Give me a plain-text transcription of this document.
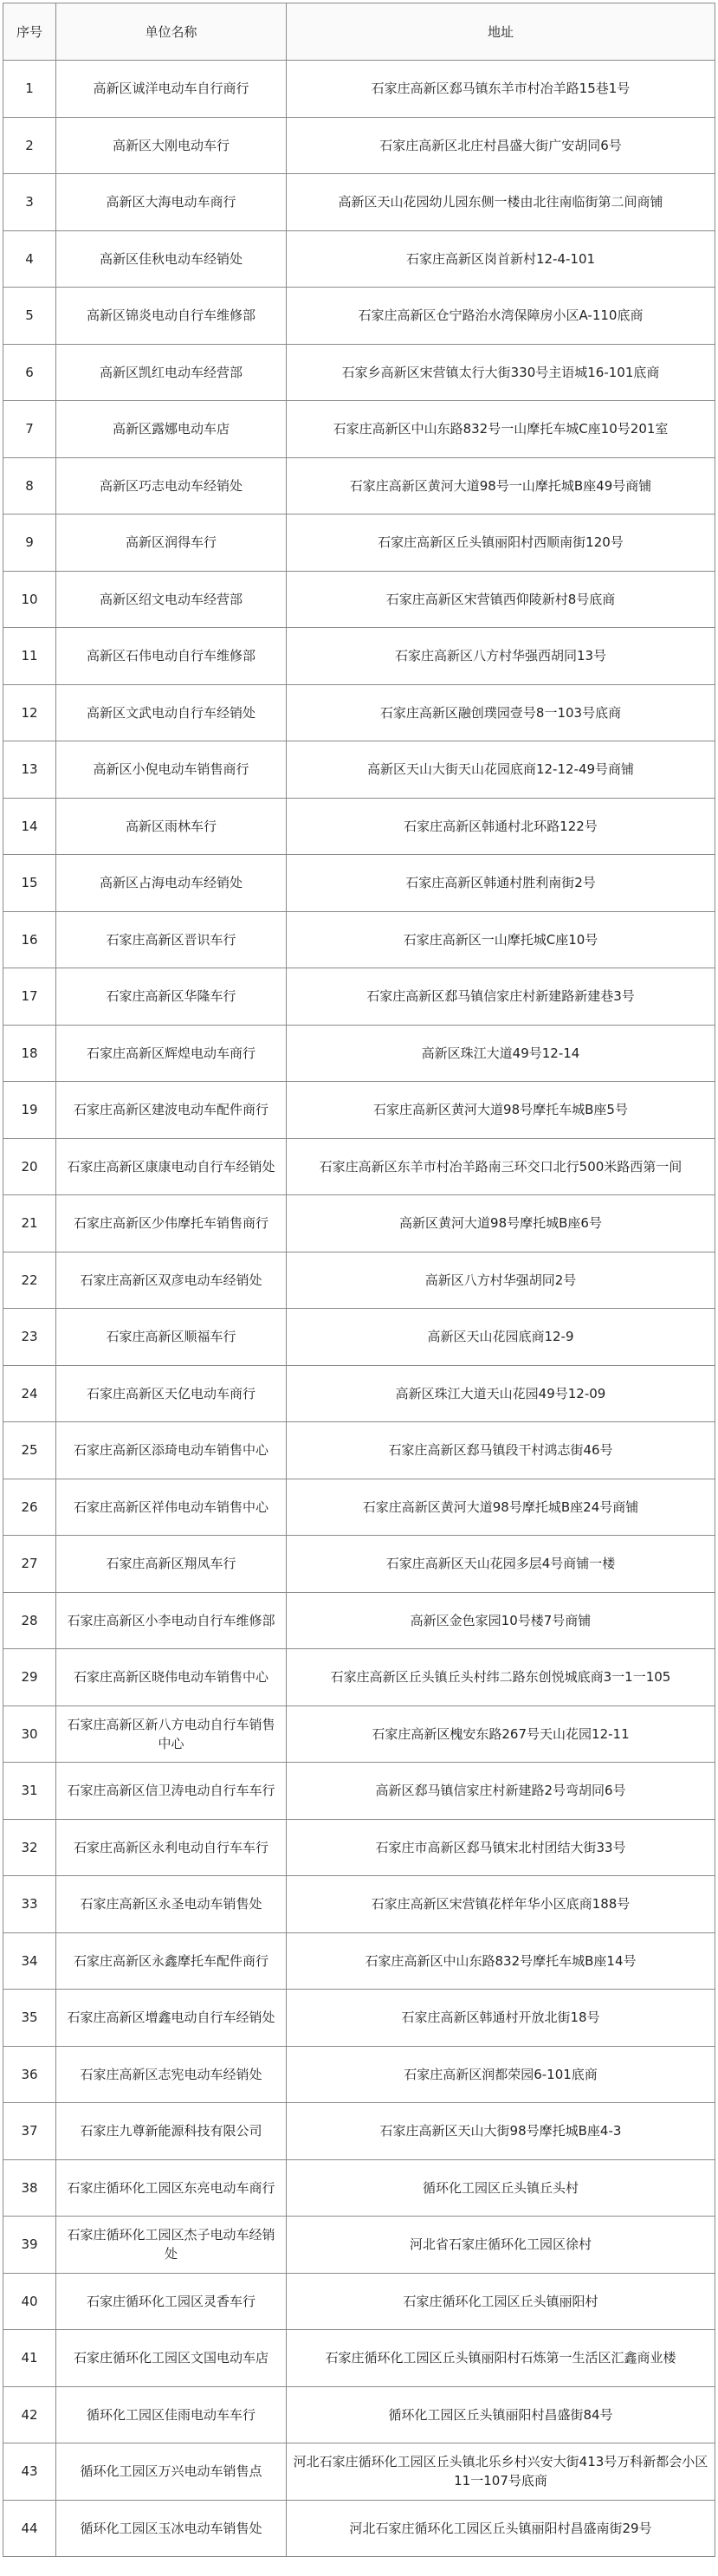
序号	单位名称	地址
1	高新区诚洋电动车自行商行	石家庄高新区郄马镇东羊市村冶羊路15巷1号
2	高新区大刚电动车行	石家庄高新区北庄村昌盛大街广安胡同6号
3	高新区大海电动车商行	高新区天山花园幼儿园东侧一楼由北往南临街第二间商铺
4	高新区佳秋电动车经销处	石家庄高新区岗首新村12-4-101
5	高新区锦炎电动自行车维修部	石家庄高新区仓宁路治水湾保障房小区A-110底商
6	高新区凯红电动车经营部	石家乡高新区宋营镇太行大街330号主语城16-101底商
7	高新区露娜电动车店	石家庄高新区中山东路832号一山摩托车城C座10号201室
8	高新区巧志电动车经销处	石家庄高新区黄河大道98号一山摩托城B座49号商铺
9	高新区润得车行	石家庄高新区丘头镇丽阳村西顺南街120号
10	高新区绍文电动车经营部	石家庄高新区宋营镇西仰陵新村8号底商
11	高新区石伟电动自行车维修部	石家庄高新区八方村华强西胡同13号
12	高新区文武电动自行车经销处	石家庄高新区融创璞园壹号8一103号底商
13	高新区小倪电动车销售商行	高新区天山大街天山花园底商12-12-49号商铺
14	高新区雨林车行	石家庄高新区韩通村北环路122号
15	高新区占海电动车经销处	石家庄高新区韩通村胜利南街2号
16	石家庄高新区晋识车行	石家庄高新区一山摩托城C座10号
17	石家庄高新区华隆车行	石家庄高新区郄马镇信家庄村新建路新建巷3号
18	石家庄高新区辉煌电动车商行	高新区珠江大道49号12-14
19	石家庄高新区建波电动车配件商行	石家庄高新区黄河大道98号摩托车城B座5号
20	石家庄高新区康康电动自行车经销处	石家庄高新区东羊市村冶羊路南三环交口北行500米路西第一间
21	石家庄高新区少伟摩托车销售商行	高新区黄河大道98号摩托城B座6号
22	石家庄高新区双彦电动车经销处	高新区八方村华强胡同2号
23	石家庄高新区顺福车行	高新区天山花园底商12-9
24	石家庄高新区天亿电动车商行	高新区珠江大道天山花园49号12-09
25	石家庄高新区添琦电动车销售中心	石家庄高新区郄马镇段干村鸿志街46号
26	石家庄高新区祥伟电动车销售中心	石家庄高新区黄河大道98号摩托城B座24号商铺
27	石家庄高新区翔凤车行	石家庄高新区天山花园多层4号商铺一楼
28	石家庄高新区小李电动自行车维修部	高新区金色家园10号楼7号商铺
29	石家庄高新区晓伟电动车销售中心	石家庄高新区丘头镇丘头村纬二路东创悦城底商3一1一105
30	石家庄高新区新八方电动自行车销售中心	石家庄高新区槐安东路267号天山花园12-11
31	石家庄高新区信卫涛电动自行车车行	高新区郄马镇信家庄村新建路2号弯胡同6号
32	石家庄高新区永利电动自行车车行	石家庄市高新区郄马镇宋北村团结大街33号
33	石家庄高新区永圣电动车销售处	石家庄高新区宋营镇花样年华小区底商188号
34	石家庄高新区永鑫摩托车配件商行	石家庄高新区中山东路832号摩托车城B座14号
35	石家庄高新区增鑫电动自行车经销处	石家庄高新区韩通村开放北街18号
36	石家庄高新区志宪电动车经销处	石家庄高新区润都荣园6-101底商
37	石家庄九尊新能源科技有限公司	石家庄高新区天山大街98号摩托城B座4-3
38	石家庄循环化工园区东亮电动车商行	循环化工园区丘头镇丘头村
39	石家庄循环化工园区杰子电动车经销处	河北省石家庄循环化工园区徐村
40	石家庄循环化工园区灵香车行	石家庄循环化工园区丘头镇丽阳村
41	石家庄循环化工园区文国电动车店	石家庄循环化工园区丘头镇丽阳村石炼第一生活区汇鑫商业楼
42	循环化工园区佳雨电动车车行	循环化工园区丘头镇丽阳村昌盛街84号
43	循环化工园区万兴电动车销售点	河北石家庄循环化工园区丘头镇北乐乡村兴安大街413号万科新都会小区11一107号底商
44	循环化工园区玉冰电动车销售处	河北石家庄循环化工园区丘头镇丽阳村昌盛南街29号
